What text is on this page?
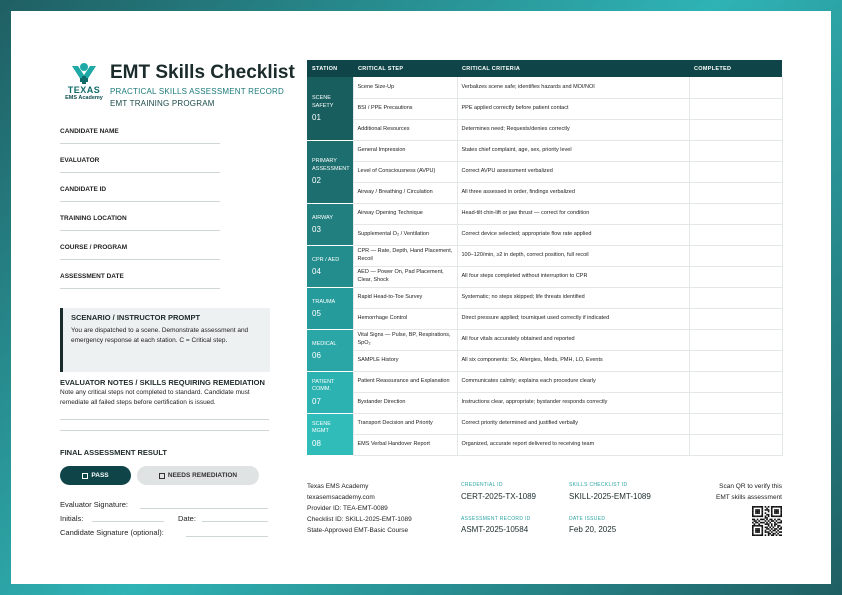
TEXAS
EMS Academy
EMT Skills Checklist
PRACTICAL SKILLS ASSESSMENT RECORD
EMT TRAINING PROGRAM
CANDIDATE NAME
EVALUATOR
CANDIDATE ID
TRAINING LOCATION
COURSE / PROGRAM
ASSESSMENT DATE
SCENARIO / INSTRUCTOR PROMPT
You are dispatched to a scene. Demonstrate assessment and emergency response at each station. C = Critical step.
EVALUATOR NOTES / SKILLS REQUIRING REMEDIATION
Note any critical steps not completed to standard. Candidate must remediate all failed steps before certification is issued.
FINAL ASSESSMENT RESULT
PASS	NEEDS REMEDIATION
Evaluator Signature:
Initials:	Date:
Candidate Signature (optional):
STATION	CRITICAL STEP	CRITICAL CRITERIA	COMPLETED

SCENE SAFETY
01	Scene Size-Up	Verbalizes scene safe; identifies hazards and MOI/NOI	
	BSI / PPE Precautions	PPE applied correctly before patient contact	
	Additional Resources	Determines need; Requests/denies correctly	

PRIMARY ASSESSMENT
02	General Impression	States chief complaint, age, sex, priority level	
	Level of Consciousness (AVPU)	Correct AVPU assessment verbalized	
	Airway / Breathing / Circulation	All three assessed in order, findings verbalized	

AIRWAY
03	Airway Opening Technique	Head-tilt chin-lift or jaw thrust — correct for condition	
	Supplemental O₂ / Ventilation	Correct device selected; appropriate flow rate applied	

CPR / AED
04	CPR — Rate, Depth, Hand Placement, Recoil	100–120/min, ≥2 in depth, correct position, full recoil	
	AED — Power On, Pad Placement, Clear, Shock	All four steps completed without interruption to CPR	

TRAUMA
05	Rapid Head-to-Toe Survey	Systematic; no steps skipped; life threats identified	
	Hemorrhage Control	Direct pressure applied; tourniquet used correctly if indicated	

MEDICAL
06	Vital Signs — Pulse, BP, Respirations, SpO₂	All four vitals accurately obtained and reported	
	SAMPLE History	All six components: Sx, Allergies, Meds, PMH, LO, Events	

PATIENT COMM.
07	Patient Reassurance and Explanation	Communicates calmly; explains each procedure clearly	
	Bystander Direction	Instructions clear, appropriate; bystander responds correctly	

SCENE MGMT
08	Transport Decision and Priority	Correct priority determined and justified verbally	
	EMS Verbal Handover Report	Organized, accurate report delivered to receiving team	
Texas EMS Academy
texasemsacademy.com
Provider ID: TEA-EMT-0089
Checklist ID: SKILL-2025-EMT-1089
State-Approved EMT-Basic Course
CREDENTIAL ID
CERT-2025-TX-1089
SKILLS CHECKLIST ID
SKILL-2025-EMT-1089
ASSESSMENT RECORD ID
ASMT-2025-10584
DATE ISSUED
Feb 20, 2025
Scan QR to verify this
EMT skills assessment
